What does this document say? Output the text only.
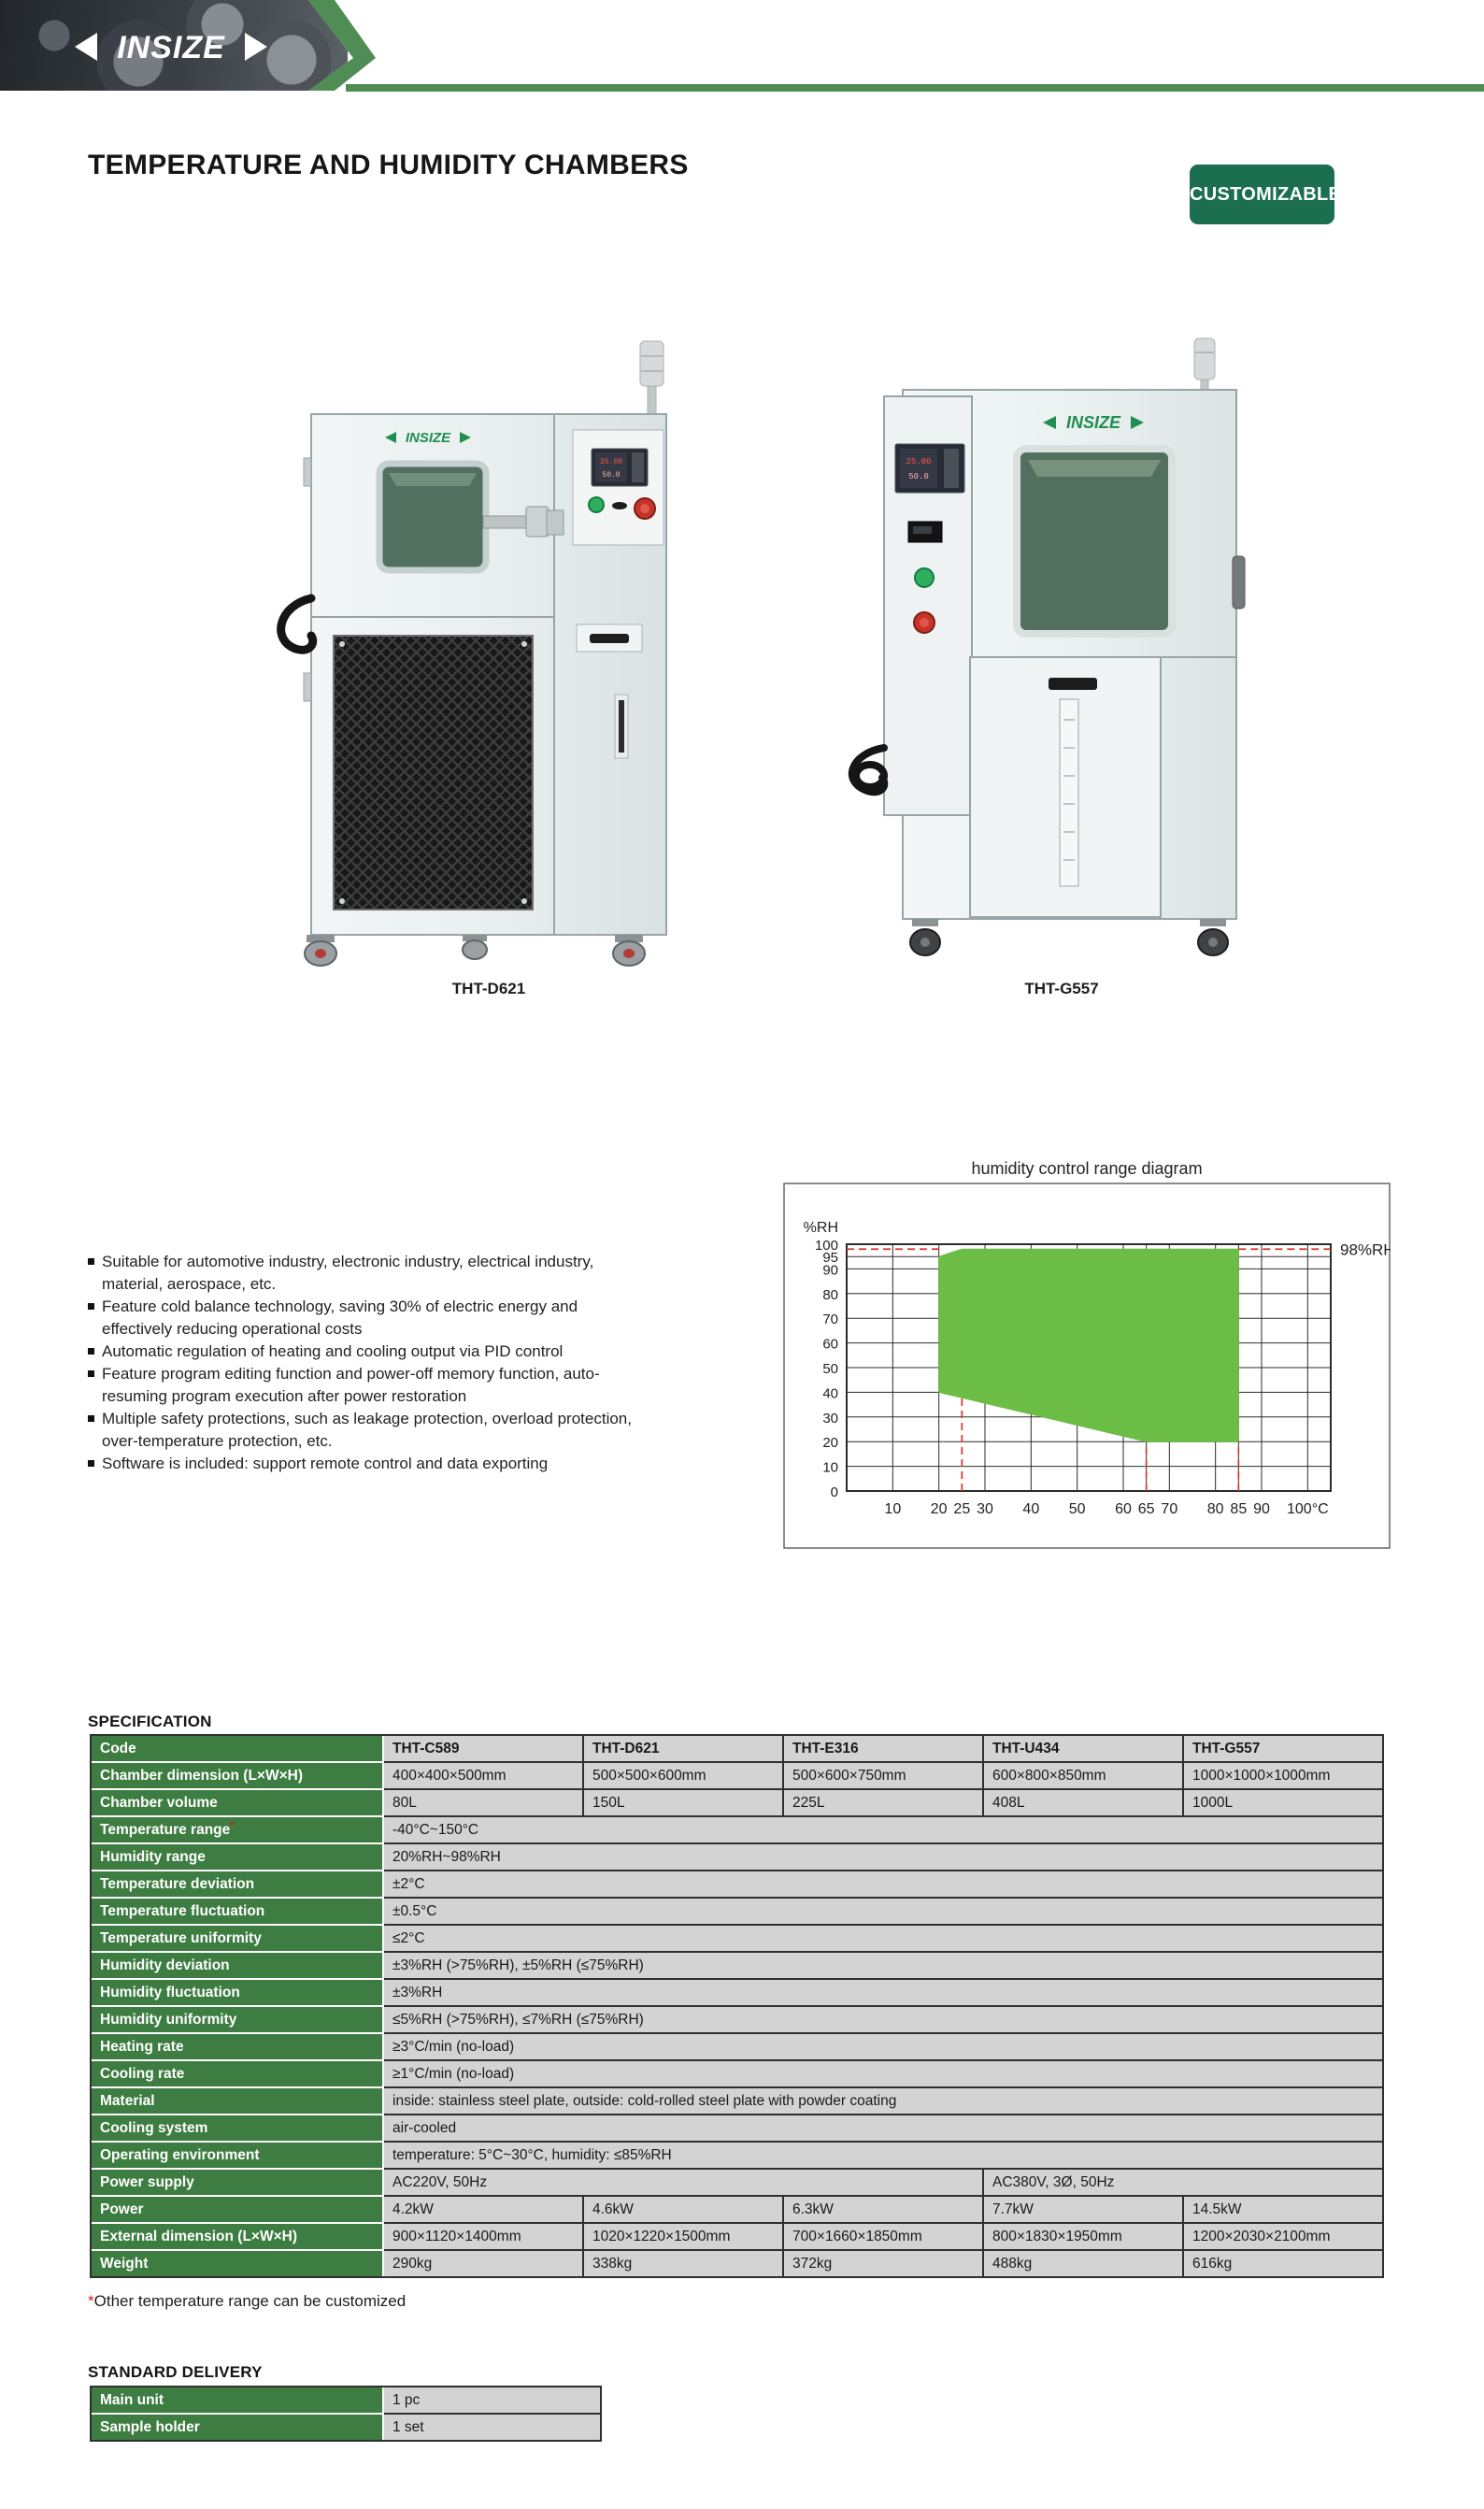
INSIZE
TEMPERATURE AND HUMIDITY CHAMBERS
CUSTOMIZABLE
INSIZE
25.00
50.0
25.00
50.0
INSIZE
THT-D621	THT-G557
Suitable for automotive industry, electronic industry, electrical industry, material, aerospace, etc.
Feature cold balance technology, saving 30% of electric energy and effectively reducing operational costs
Automatic regulation of heating and cooling output via PID control
Feature program editing function and power-off memory function, auto-resuming program execution after power restoration
Multiple safety protections, such as leakage protection, overload protection, over-temperature protection, etc.
Software is included: support remote control and data exporting
humidity control range diagram
10 20 25 30 40 50 60 65 70 80 85 90 100°C
0
10
20
30
40
50
60
70
80
90
95
100
%RH
98%RH
SPECIFICATION
Code	THT-C589	THT-D621	THT-E316	THT-U434	THT-G557
Chamber dimension (L×W×H)	400×400×500mm	500×500×600mm	500×600×750mm	600×800×850mm	1000×1000×1000mm
Chamber volume	80L	150L	225L	408L	1000L
Temperature range*	-40°C~150°C				
Humidity range	20%RH~98%RH				
Temperature deviation	±2°C				
Temperature fluctuation	±0.5°C				
Temperature uniformity	≤2°C				
Humidity deviation	±3%RH (>75%RH), ±5%RH (≤75%RH)				
Humidity fluctuation	±3%RH				
Humidity uniformity	≤5%RH (>75%RH), ≤7%RH (≤75%RH)				
Heating rate	≥3°C/min (no-load)				
Cooling rate	≥1°C/min (no-load)				
Material	inside: stainless steel plate, outside: cold-rolled steel plate with powder coating				
Cooling system	air-cooled				
Operating environment	temperature: 5°C~30°C, humidity: ≤85%RH				
Power supply	AC220V, 50Hz			AC380V, 3Ø, 50Hz	
Power	4.2kW	4.6kW	6.3kW	7.7kW	14.5kW
External dimension (L×W×H)	900×1120×1400mm	1020×1220×1500mm	700×1660×1850mm	800×1830×1950mm	1200×2030×2100mm
Weight	290kg	338kg	372kg	488kg	616kg
*Other temperature range can be customized
STANDARD DELIVERY
Main unit	1 pc
Sample holder	1 set
